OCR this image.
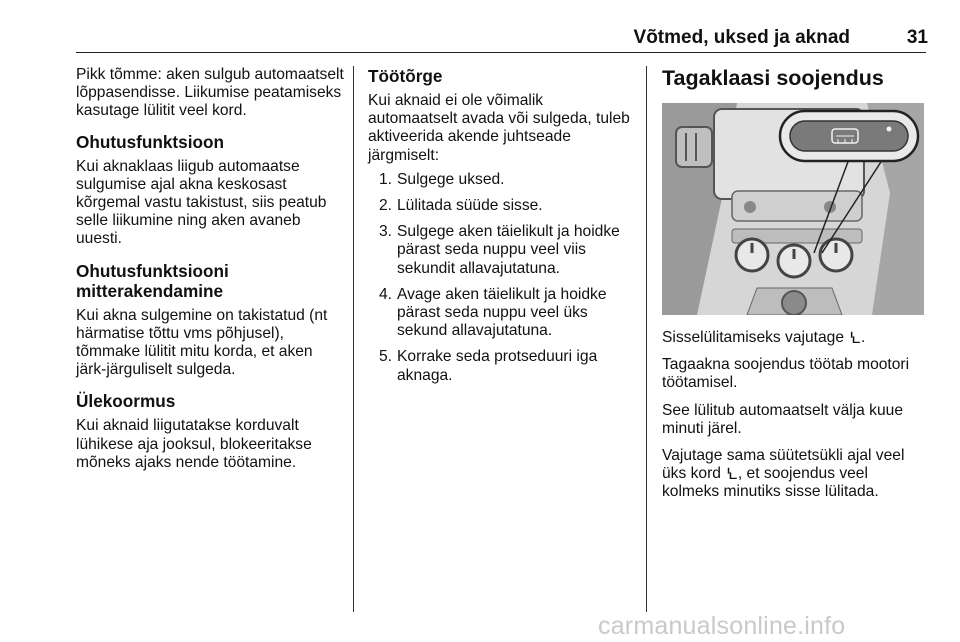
Võtmed, uksed ja aknad	31

Pikk tõmme: aken sulgub automaatselt lõppasendisse. Liikumise peatamiseks kasutage lülitit veel kord.

Ohutusfunktsioon

Kui aknaklaas liigub automaatse sulgumise ajal akna keskosast kõrgemal vastu takistust, siis peatub selle liikumine ning aken avaneb uuesti.

Ohutusfunktsiooni mitterakendamine

Kui akna sulgemine on takistatud (nt härmatise tõttu vms põhjusel), tõmmake lülitit mitu korda, et aken järk-järguliselt sulgeda.

Ülekoormus

Kui aknaid liigutatakse korduvalt lühikese aja jooksul, blokeeritakse mõneks ajaks nende töötamine.

Töötõrge

Kui aknaid ei ole võimalik automaatselt avada või sulgeda, tuleb aktiveerida akende juhtseade järgmiselt:

1. Sulgege uksed.
2. Lülitada süüde sisse.
3. Sulgege aken täielikult ja hoidke pärast seda nuppu veel viis sekundit allavajutatuna.
4. Avage aken täielikult ja hoidke pärast seda nuppu veel üks sekund allavajutatuna.
5. Korrake seda protseduuri iga aknaga.
Tagaklaasi soojendus

Sisselülitamiseks vajutage Ꝇ.

Tagaakna soojendus töötab mootori töötamisel.

See lülitub automaatselt välja kuue minuti järel.

Vajutage sama süütetsükli ajal veel üks kord Ꝇ, et soojendus veel kolmeks minutiks sisse lülitada.

carmanualsonline.info
